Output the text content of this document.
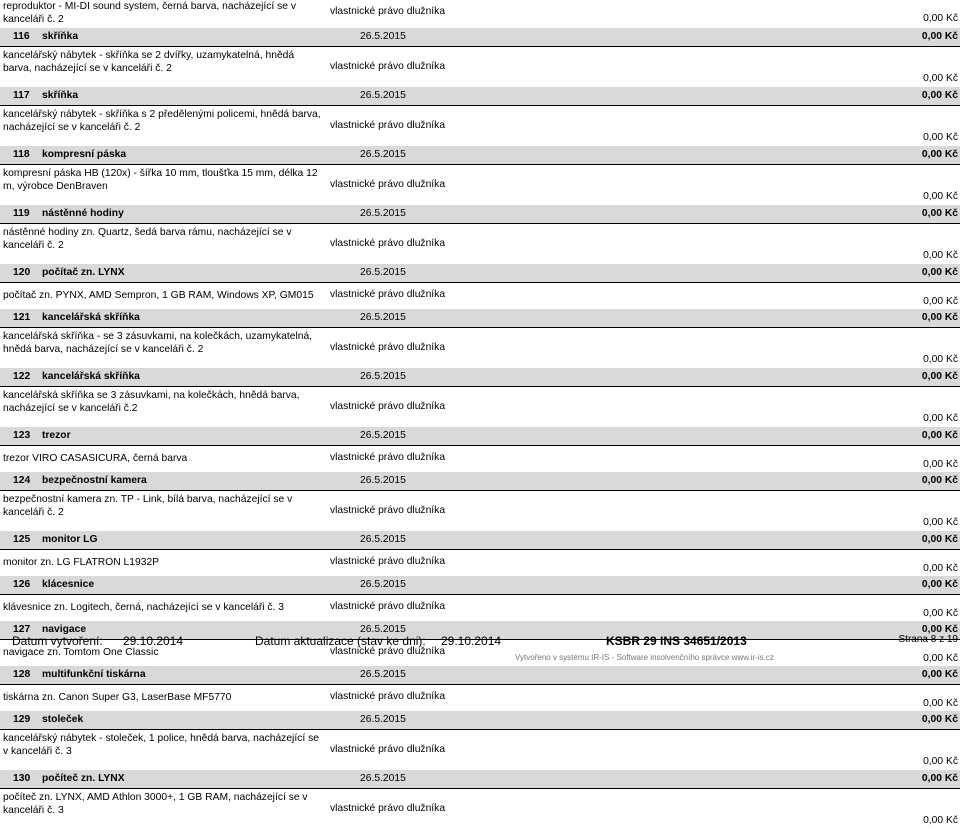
reproduktor - MI-DI sound system, černá barva, nacházející se v kanceláři č. 2
vlastnické právo dlužníka
0,00 Kč
116 skříňka	26.5.2015	0,00 Kč
kancelářský nábytek - skříňka se 2 dvířky, uzamykatelná, hnědá barva, nacházející se v kanceláři č. 2	vlastnické právo dlužníka
0,00 Kč
117 skříňka	26.5.2015	0,00 Kč
kancelářský nábytek - skříňka s 2 předělenými policemi, hnědá barva, nacházející se v kanceláři č. 2	vlastnické právo dlužníka
0,00 Kč
118 kompresní páska	26.5.2015	0,00 Kč
kompresní páska HB (120x) - šířka 10 mm, tloušťka 15 mm, délka 12 m, výrobce DenBraven	vlastnické právo dlužníka
0,00 Kč
119 nástěnné hodiny	26.5.2015	0,00 Kč
nástěnné hodiny zn. Quartz, šedá barva rámu, nacházející se v kanceláři č. 2	vlastnické právo dlužníka
0,00 Kč
120 počítač zn. LYNX	26.5.2015	0,00 Kč
počítač zn. PYNX, AMD Sempron, 1 GB RAM, Windows XP, GM015	vlastnické právo dlužníka
0,00 Kč
121 kancelářská skříňka	26.5.2015	0,00 Kč
kancelářská skříňka - se 3 zásuvkami, na kolečkách, uzamykatelná, hnědá barva, nacházející se v kanceláři č. 2	vlastnické právo dlužníka
0,00 Kč
122 kancelářská skříňka	26.5.2015	0,00 Kč
kancelářská skříňka se 3 zásuvkami, na kolečkách, hnědá barva, nacházející se v kanceláři č.2	vlastnické právo dlužníka
0,00 Kč
123 trezor	26.5.2015	0,00 Kč
trezor VIRO CASASICURA, černá barva	vlastnické právo dlužníka
0,00 Kč
124 bezpečnostní kamera	26.5.2015	0,00 Kč
bezpečnostní kamera zn. TP - Link, bílá barva, nacházející se v kanceláři č. 2	vlastnické právo dlužníka
0,00 Kč
125 monitor LG	26.5.2015	0,00 Kč
monitor zn. LG FLATRON L1932P	vlastnické právo dlužníka
0,00 Kč
126 klácesnice	26.5.2015	0,00 Kč
klávesnice zn. Logitech, černá, nacházející se v kanceláři č. 3	vlastnické právo dlužníka
0,00 Kč
127 navigace	26.5.2015	0,00 Kč
navigace zn. Tomtom One Classic	vlastnické právo dlužníka
0,00 Kč
128 multifunkční tiskárna	26.5.2015	0,00 Kč
tiskárna zn. Canon Super G3, LaserBase MF5770	vlastnické právo dlužníka
0,00 Kč
129 stoleček	26.5.2015	0,00 Kč
kancelářský nábytek - stoleček, 1 police, hnědá barva, nacházející se v kanceláři č. 3	vlastnické právo dlužníka
0,00 Kč
130 počíteč zn. LYNX	26.5.2015	0,00 Kč
počíteč zn. LYNX, AMD Athlon 3000+, 1 GB RAM, nacházející se v kanceláři č. 3	vlastnické právo dlužníka
0,00 Kč
Datum vytvoření: 29.10.2014	Datum aktualizace (stav ke dni): 29.10.2014	KSBR 29 INS 34651/2013	Strana 8 z 19
Vytvořeno v systému IR-IS - Software insolvenčního správce www.ir-is.cz
